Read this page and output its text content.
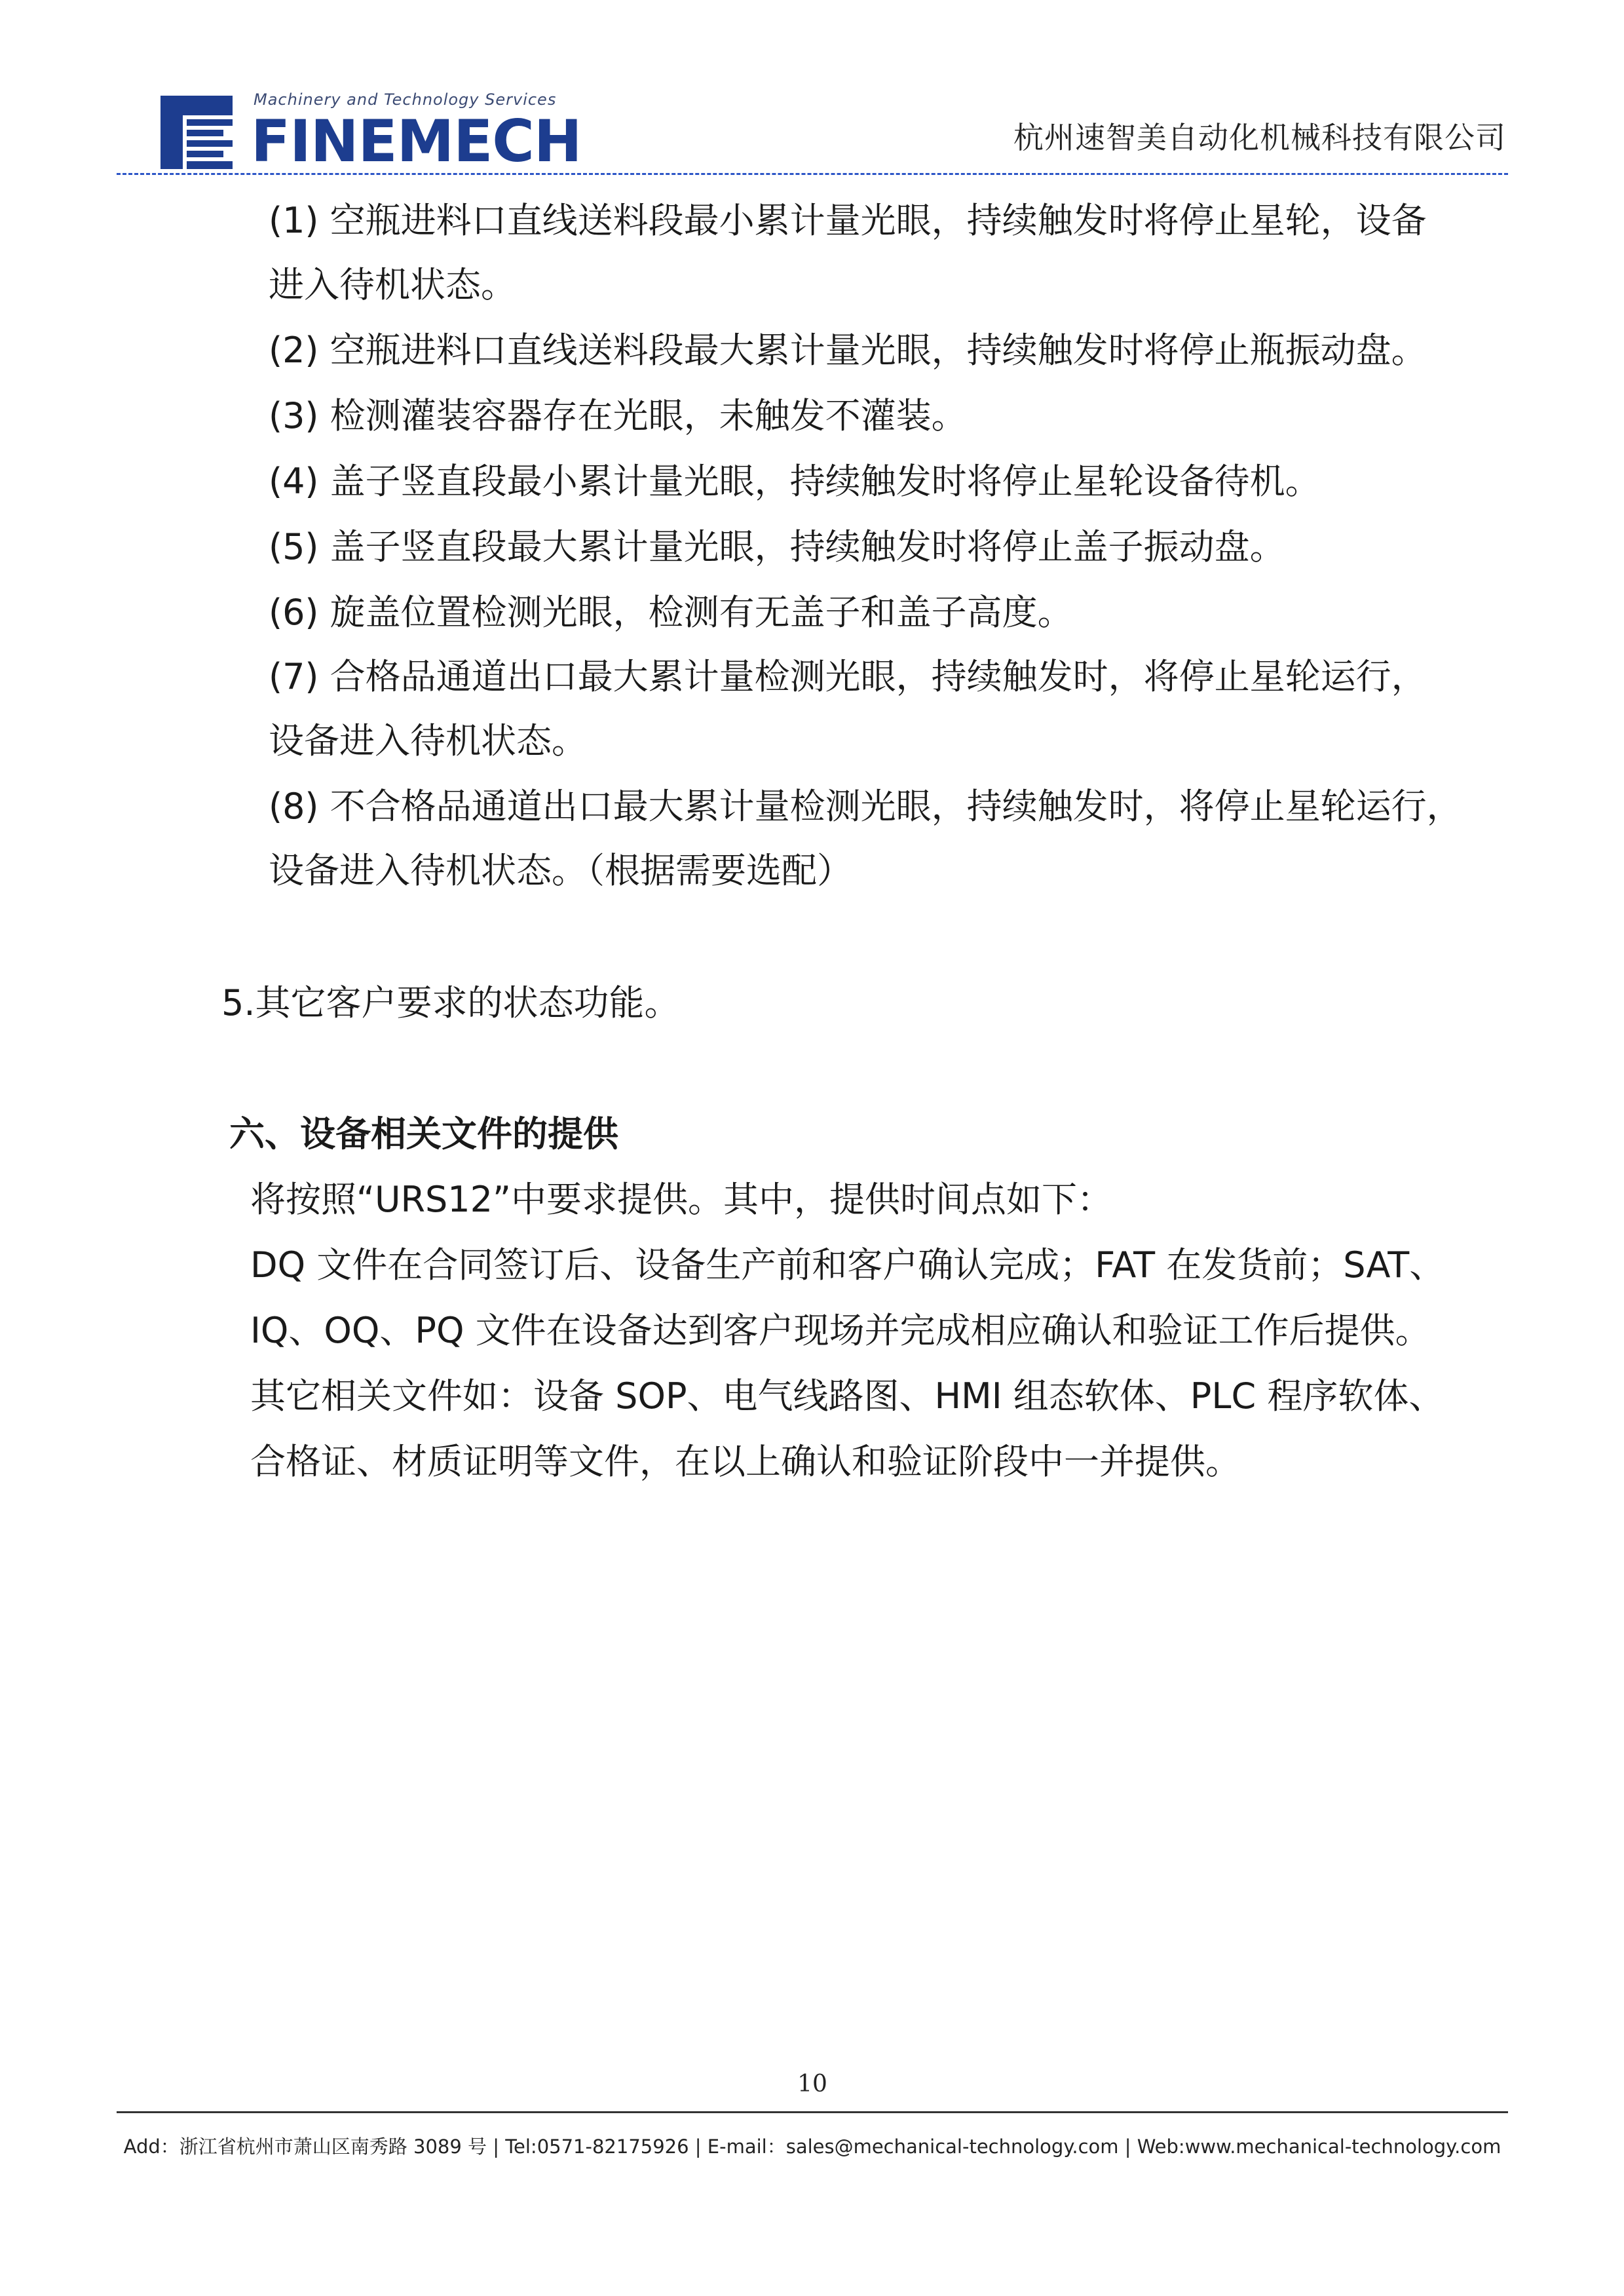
Machinery and Technology Services
FINEMECH	杭州速智美自动化机械科技有限公司
(1) 空瓶进料口直线送料段最小累计量光眼，持续触发时将停止星轮，设备
进入待机状态。
(2) 空瓶进料口直线送料段最大累计量光眼，持续触发时将停止瓶振动盘。
(3) 检测灌装容器存在光眼，未触发不灌装。
(4) 盖子竖直段最小累计量光眼，持续触发时将停止星轮设备待机。
(5) 盖子竖直段最大累计量光眼，持续触发时将停止盖子振动盘。
(6) 旋盖位置检测光眼，检测有无盖子和盖子高度。
(7) 合格品通道出口最大累计量检测光眼，持续触发时，将停止星轮运行，
设备进入待机状态。
(8) 不合格品通道出口最大累计量检测光眼，持续触发时，将停止星轮运行，
设备进入待机状态。（根据需要选配）
5.其它客户要求的状态功能。
六、设备相关文件的提供
将按照“URS12”中要求提供。其中，提供时间点如下：
DQ 文件在合同签订后、设备生产前和客户确认完成；FAT 在发货前；SAT、
IQ、OQ、PQ 文件在设备达到客户现场并完成相应确认和验证工作后提供。
其它相关文件如：设备 SOP、电气线路图、HMI 组态软体、PLC 程序软体、
合格证、材质证明等文件，在以上确认和验证阶段中一并提供。
10
Add：浙江省杭州市萧山区南秀路 3089 号 | Tel:0571-82175926 | E-mail：sales@mechanical-technology.com | Web:www.mechanical-technology.com
